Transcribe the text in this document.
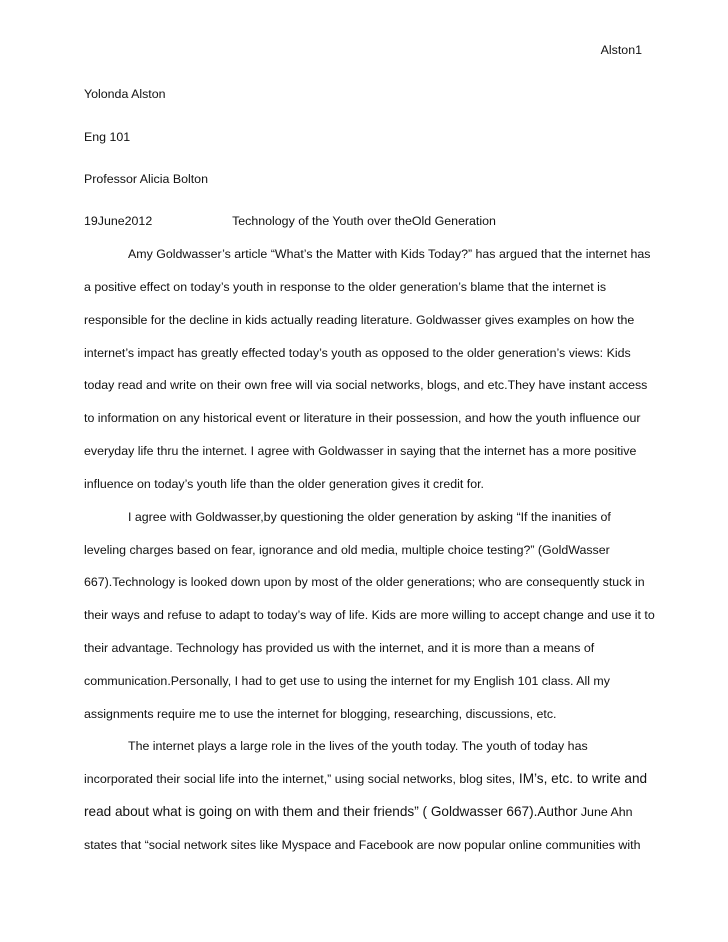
Alston1
Yolonda Alston
Eng 101
Professor Alicia Bolton
19June2012	Technology of the Youth over theOld Generation
Amy Goldwasser’s article “What’s the Matter with Kids Today?” has argued that the internet has
a positive effect on today’s youth in response to the older generation’s blame that the internet is
responsible for the decline in kids actually reading literature. Goldwasser gives examples on how the
internet’s impact has greatly effected today’s youth as opposed to the older generation’s views: Kids
today read and write on their own free will via social networks, blogs, and etc.They have instant access
to information on any historical event or literature in their possession, and how the youth influence our
everyday life thru the internet. I agree with Goldwasser in saying that the internet has a more positive
influence on today’s youth life than the older generation gives it credit for.
I agree with Goldwasser,by questioning the older generation by asking “If the inanities of
leveling charges based on fear, ignorance and old media, multiple choice testing?” (GoldWasser
667).Technology is looked down upon by most of the older generations; who are consequently stuck in
their ways and refuse to adapt to today’s way of life. Kids are more willing to accept change and use it to
their advantage. Technology has provided us with the internet, and it is more than a means of
communication.Personally, I had to get use to using the internet for my English 101 class. All my
assignments require me to use the internet for blogging, researching, discussions, etc.
The internet plays a large role in the lives of the youth today. The youth of today has
incorporated their social life into the internet,” using social networks, blog sites, IM’s, etc. to write and
read about what is going on with them and their friends” ( Goldwasser 667).Author June Ahn
states that “social network sites like Myspace and Facebook are now popular online communities with
